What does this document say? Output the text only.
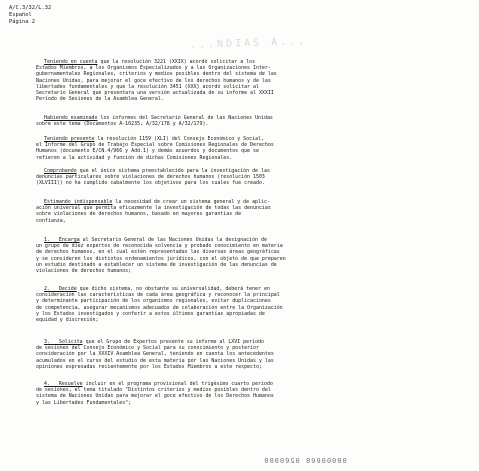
A/C.3/32/L.32
Español
Página 2
...NDIAS A...
Teniendo en cuenta que la resolución 3221 (XXIX) acordó solicitar a los
Estados Miembros, a los Organismos Especializados y a las Organizaciones Inter-
gubernamentales Regionales, criterios y medios posibles dentro del sistema de las
Naciones Unidas, para mejorar el goce efectivo de los derechos humanos y de las
libertades fundamentales y que la resolución 3451 (XXX) acordó solicitar al
Secretario General que presentara una versión actualizada de su informe al XXXII
Período de Sesiones de la Asamblea General.
Habiendo examinado los informes del Secretario General de las Naciones Unidas
sobre este tema (Documentos A-10235, A/32/178 y A/32/179).
Teniendo presente la resolución 1159 (XLI) del Consejo Económico y Social,
el Informe del Grupo de Trabajo Especial sobre Comisiones Regionales de Derechos
Humanos (documento E/CN.4/966 y Add.1) y demás acuerdos y documentos que se
refieren a la actividad y función de dichas Comisiones Regionales.
Comprobando que el único sistema preestablecido para la investigación de las
denuncias particulares sobre violaciones de derechos humanos (resolución 1503
(XLVIII)) no ha cumplido cabalmente los objetivos para los cuales fue creado.
Estimando indispensable la necesidad de crear un sistema general y de aplic-
ación universal que permita eficazmente la investigación de todas las denuncias
sobre violaciones de derechos humanos, basado en mayores garantías de
confianza,
1.   Encarga al Secretario General de las Naciones Unidas la designación de
un grupo de diez expertos de reconocida solvencia y probado conocimiento en materia
de derechos humanos, en el cual estén representadas las diversas áreas geográficas
y se consideren los distintos ordenamientos jurídicos, con el objeto de que preparen
un estudio destinado a establecer un sistema de investigación de las denuncias de
violaciones de derechos humanos;
2.   Decide que dicho sistema, no obstante su universalidad, deberá tener en
consideración las características de cada área geográfica y reconocer la principal
y determinante participación de los organismos regionales, evitar duplicaciones
de competencia, asegurar mecanismos adecuados de colaboración entre la Organización
y los Estados investigados y conferir a estos últimos garantías apropiadas de
equidad y discreción;
3.   Solicita que el Grupo de Expertos presente su informe al LXVI período
de sesiones del Consejo Económico y Social para su conocimiento y posterior
consideración por la XXXIV Asamblea General, teniendo en cuenta los antecedentes
acumulados en el curso del estudio de esta materia por las Naciones Unidas y las
opiniones expresadas recientemente por los Estados Miembros a este respecto;
4.   Resuelve incluir en el programa provisional del trigésimo cuarto período
de sesiones, el tema titulado "Distintos criterios y medios posibles dentro del
sistema de Naciones Unidas para mejorar el goce efectivo de los Derechos Humanos
y las Libertades Fundamentales";
00000668 0560000
